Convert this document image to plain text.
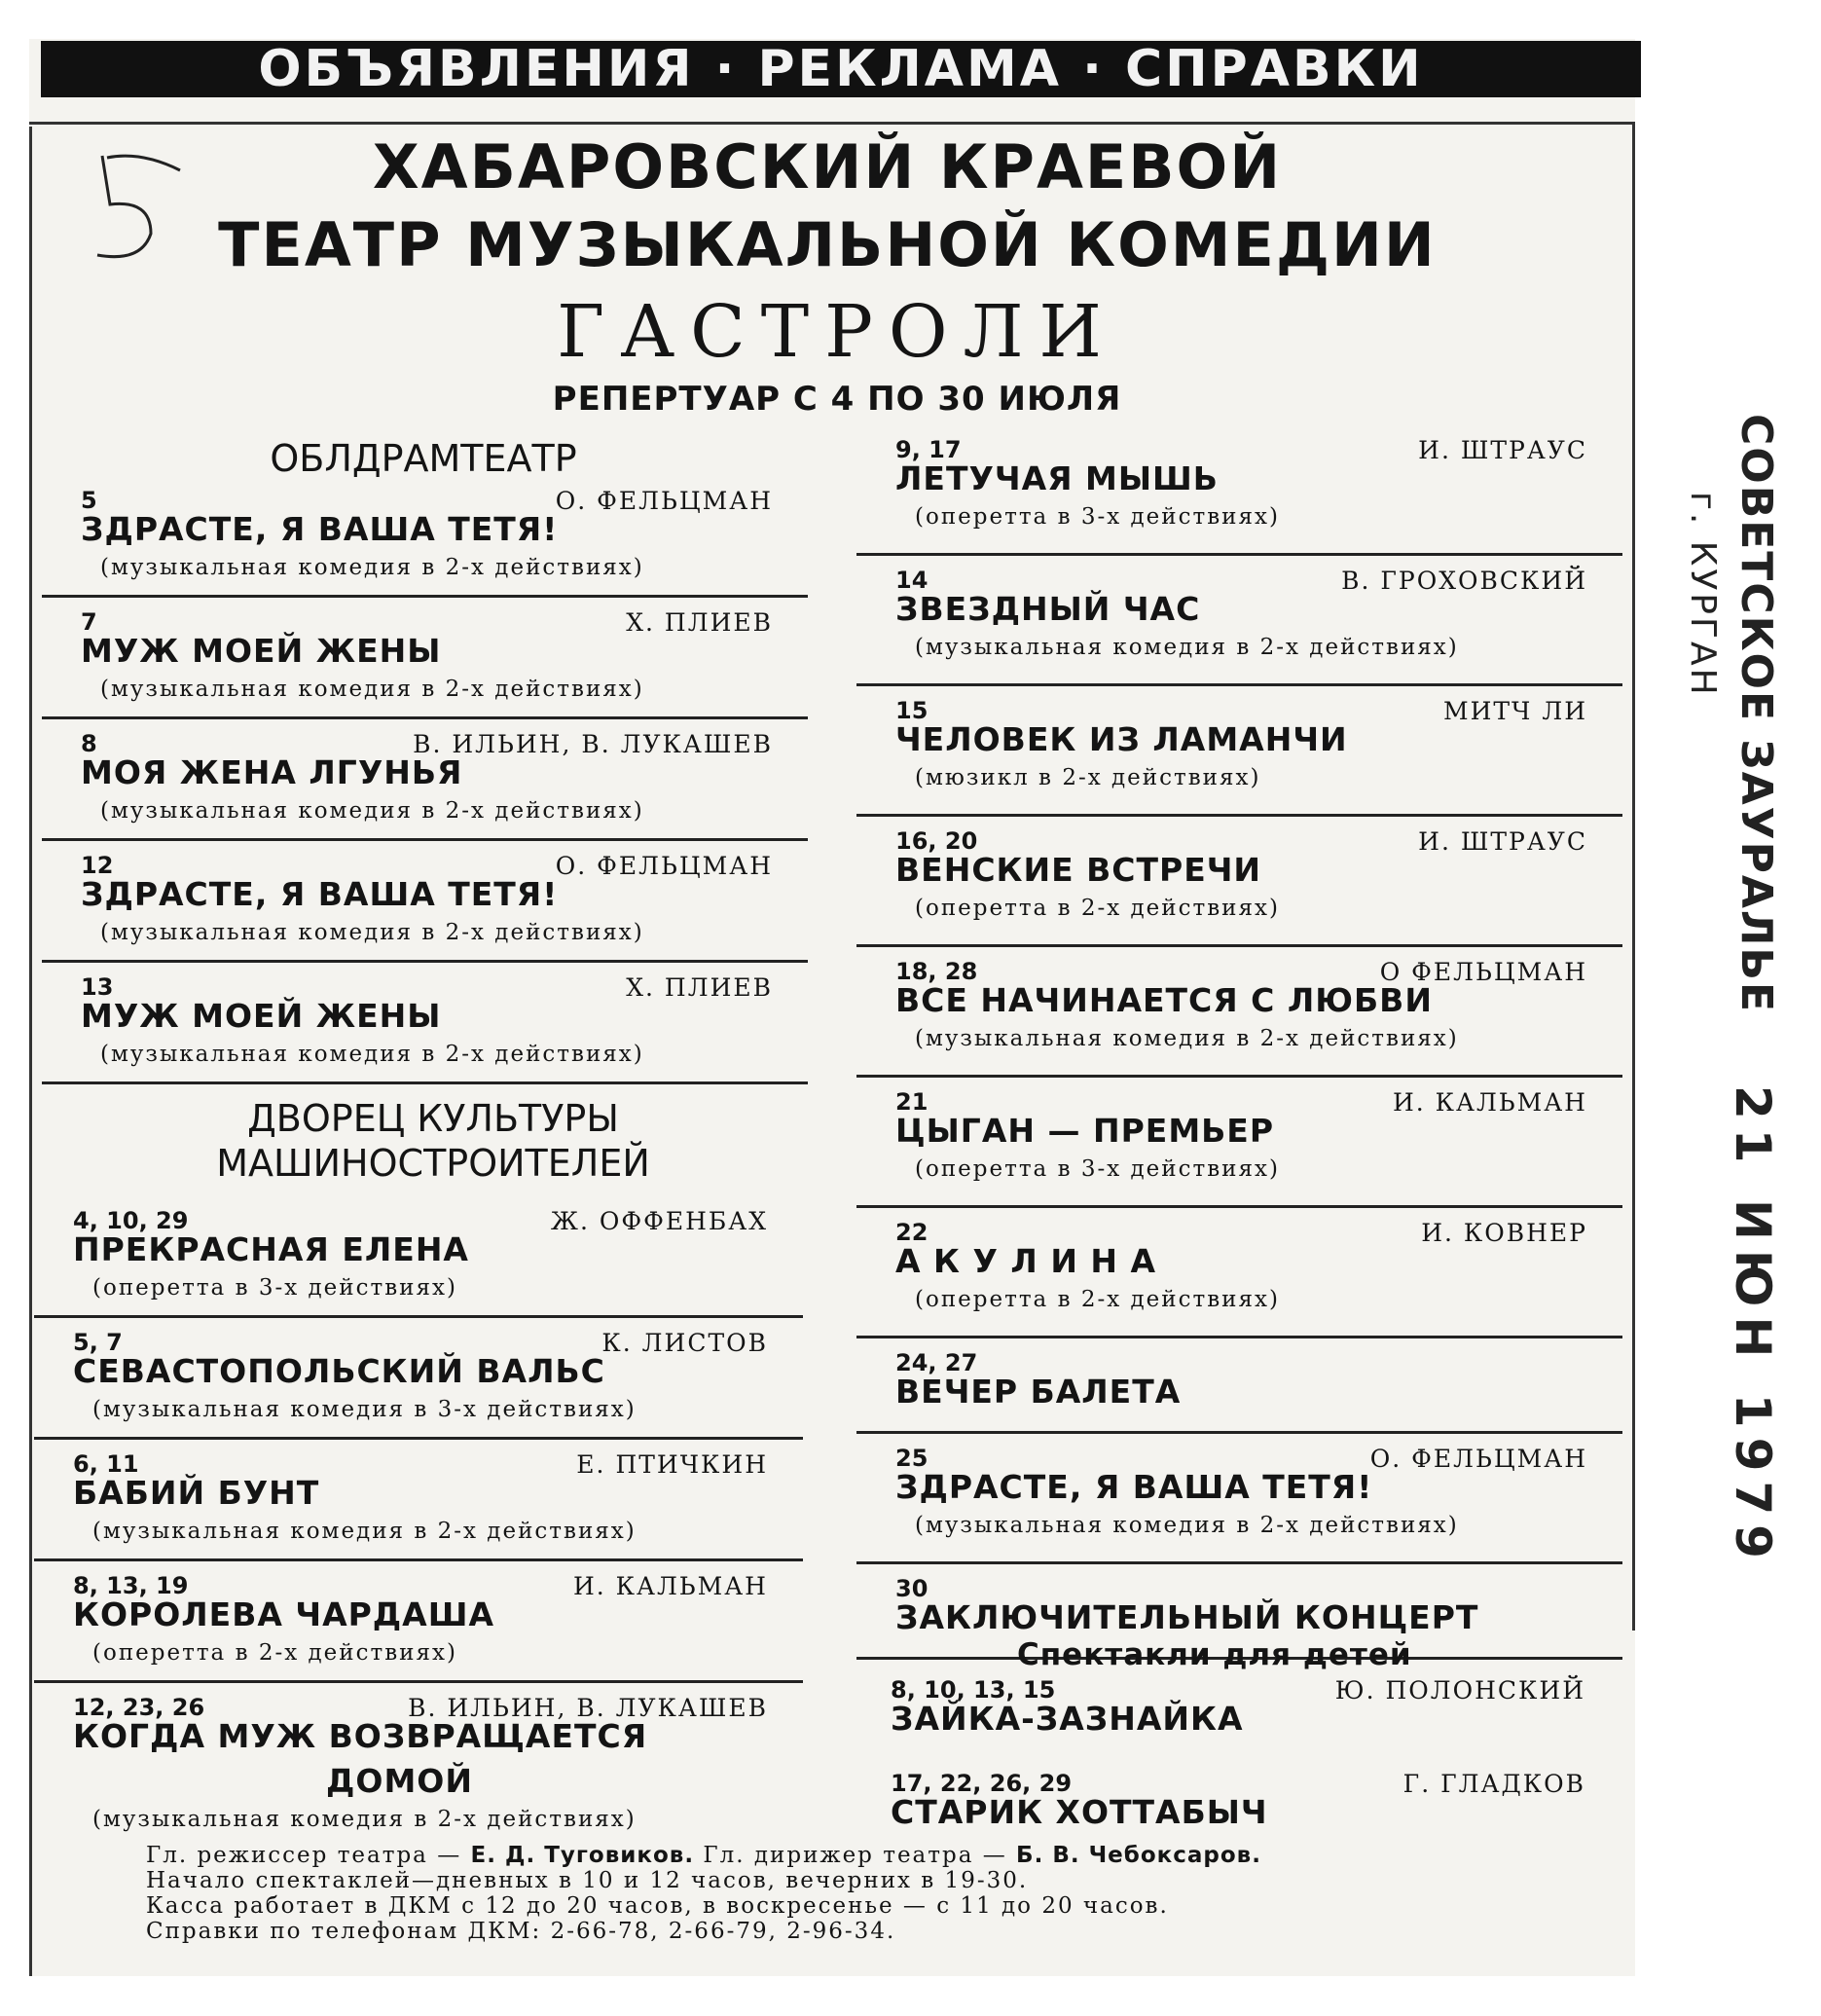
ОБЪЯВЛЕНИЯ · РЕКЛАМА · СПРАВКИ
ХАБАРОВСКИЙ КРАЕВОЙ
ТЕАТР МУЗЫКАЛЬНОЙ КОМЕДИИ
ГАСТРОЛИ
РЕПЕРТУАР С 4 ПО 30 ИЮЛЯ
ОБЛДРАМТЕАТР
5	О. ФЕЛЬЦМАН
ЗДРАСТЕ, Я ВАША ТЕТЯ!
(музыкальная комедия в 2-х действиях)
7	Х. ПЛИЕВ
МУЖ МОЕЙ ЖЕНЫ
(музыкальная комедия в 2-х действиях)
8	В. ИЛЬИН, В. ЛУКАШЕВ
МОЯ ЖЕНА ЛГУНЬЯ
(музыкальная комедия в 2-х действиях)
12	О. ФЕЛЬЦМАН
ЗДРАСТЕ, Я ВАША ТЕТЯ!
(музыкальная комедия в 2-х действиях)
13	Х. ПЛИЕВ
МУЖ МОЕЙ ЖЕНЫ
(музыкальная комедия в 2-х действиях)
ДВОРЕЦ КУЛЬТУРЫ
МАШИНОСТРОИТЕЛЕЙ
4, 10, 29	Ж. ОФФЕНБАХ
ПРЕКРАСНАЯ ЕЛЕНА
(оперетта в 3-х действиях)
5, 7	К. ЛИСТОВ
СЕВАСТОПОЛЬСКИЙ ВАЛЬС
(музыкальная комедия в 3-х действиях)
6, 11	Е. ПТИЧКИН
БАБИЙ БУНТ
(музыкальная комедия в 2-х действиях)
8, 13, 19	И. КАЛЬМАН
КОРОЛЕВА ЧАРДАША
(оперетта в 2-х действиях)
12, 23, 26	В. ИЛЬИН, В. ЛУКАШЕВ
КОГДА МУЖ ВОЗВРАЩАЕТСЯ
ДОМОЙ
(музыкальная комедия в 2-х действиях)
9, 17	И. ШТРАУС
ЛЕТУЧАЯ МЫШЬ
(оперетта в 3-х действиях)
14	В. ГРОХОВСКИЙ
ЗВЕЗДНЫЙ ЧАС
(музыкальная комедия в 2-х действиях)
15	МИТЧ ЛИ
ЧЕЛОВЕК ИЗ ЛАМАНЧИ
(мюзикл в 2-х действиях)
16, 20	И. ШТРАУС
ВЕНСКИЕ ВСТРЕЧИ
(оперетта в 2-х действиях)
18, 28	О ФЕЛЬЦМАН
ВСЕ НАЧИНАЕТСЯ С ЛЮБВИ
(музыкальная комедия в 2-х действиях)
21	И. КАЛЬМАН
ЦЫГАН — ПРЕМЬЕР
(оперетта в 3-х действиях)
22	И. КОВНЕР
А К У Л И Н А
(оперетта в 2-х действиях)
24, 27
ВЕЧЕР БАЛЕТА
25	О. ФЕЛЬЦМАН
ЗДРАСТЕ, Я ВАША ТЕТЯ!
(музыкальная комедия в 2-х действиях)
30
ЗАКЛЮЧИТЕЛЬНЫЙ КОНЦЕРТ
Спектакли для детей
8, 10, 13, 15	Ю. ПОЛОНСКИЙ
ЗАЙКА-ЗАЗНАЙКА
17, 22, 26, 29	Г. ГЛАДКОВ
СТАРИК ХОТТАБЫЧ
Гл. режиссер театра — Е. Д. Туговиков. Гл. дирижер театра — Б. В. Чебоксаров.
Начало спектаклей—дневных в 10 и 12 часов, вечерних в 19-30.
Касса работает в ДКМ с 12 до 20 часов, в воскресенье — с 11 до 20 часов.
Справки по телефонам ДКМ: 2-66-78, 2-66-79, 2-96-34.
СОВЕТСКОЕ ЗАУРАЛЬЕ
г. КУРГАН
21 ИЮН 1979
